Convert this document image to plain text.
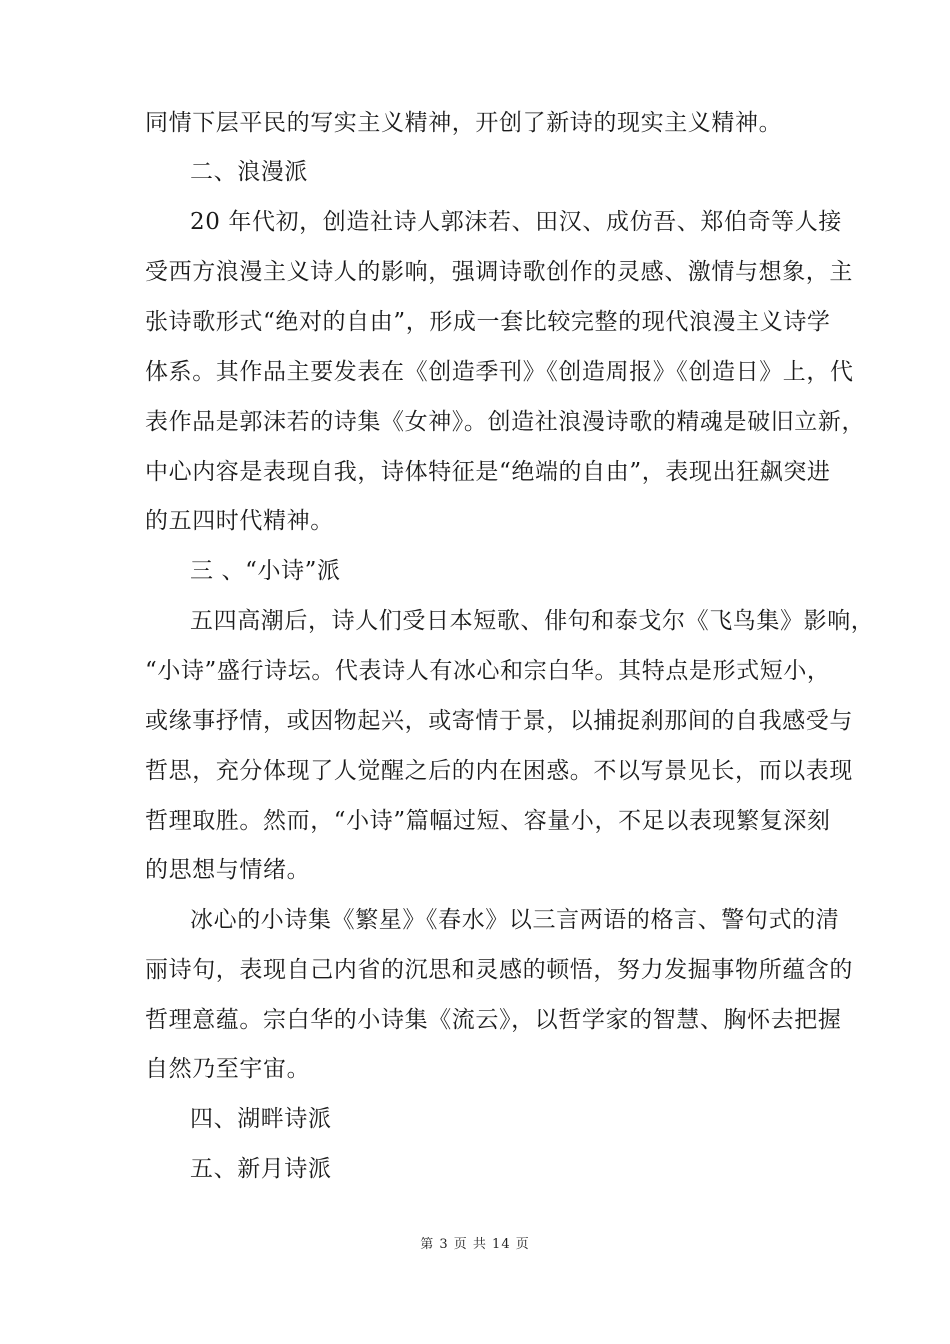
同情下层平民的写实主义精神，开创了新诗的现实主义精神。
二、浪漫派
20 年代初，创造社诗人郭沫若、田汉、成仿吾、郑伯奇等人接
受西方浪漫主义诗人的影响，强调诗歌创作的灵感、激情与想象，主
张诗歌形式“绝对的自由”，形成一套比较完整的现代浪漫主义诗学
体系。其作品主要发表在《创造季刊》《创造周报》《创造日》上，代
表作品是郭沫若的诗集《女神》。创造社浪漫诗歌的精魂是破旧立新，
中心内容是表现自我，诗体特征是“绝端的自由”，表现出狂飙突进
的五四时代精神。
三 、“小诗”派
五四高潮后，诗人们受日本短歌、俳句和泰戈尔《飞鸟集》影响，
“小诗”盛行诗坛。代表诗人有冰心和宗白华。其特点是形式短小，
或缘事抒情，或因物起兴，或寄情于景，以捕捉刹那间的自我感受与
哲思，充分体现了人觉醒之后的内在困惑。不以写景见长，而以表现
哲理取胜。然而，“小诗”篇幅过短、容量小，不足以表现繁复深刻
的思想与情绪。
冰心的小诗集《繁星》《春水》以三言两语的格言、警句式的清
丽诗句，表现自己内省的沉思和灵感的顿悟，努力发掘事物所蕴含的
哲理意蕴。宗白华的小诗集《流云》，以哲学家的智慧、胸怀去把握
自然乃至宇宙。
四、湖畔诗派
五、新月诗派
第 3 页 共 14 页
